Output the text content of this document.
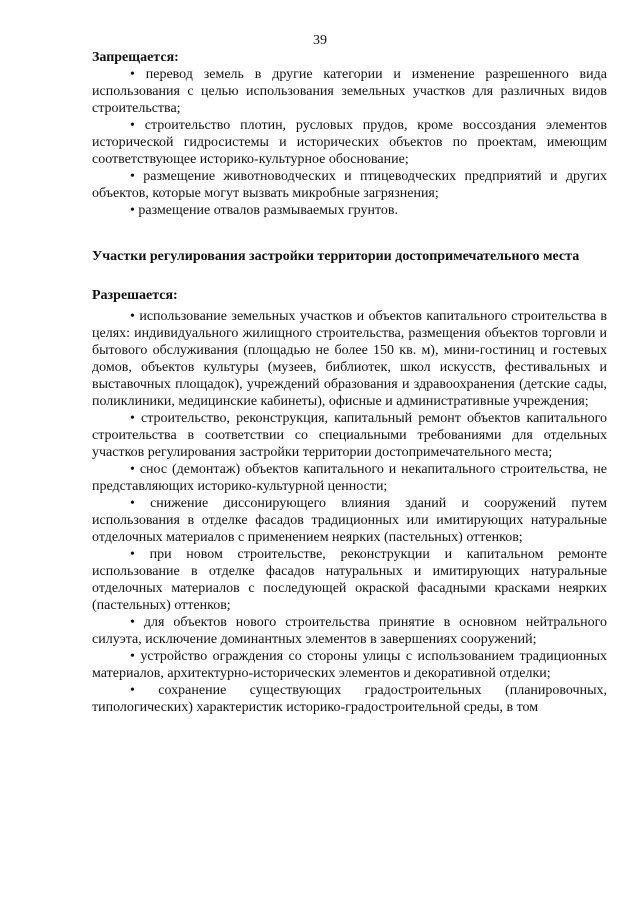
39
Запрещается:

• перевод земель в другие категории и изменение разрешенного вида использования с целью использования земельных участков для различных видов строительства;

• строительство плотин, русловых прудов, кроме воссоздания элементов исторической гидросистемы и исторических объектов по проектам, имеющим соответствующее историко-культурное обоснование;

• размещение животноводческих и птицеводческих предприятий и других объектов, которые могут вызвать микробные загрязнения;

• размещение отвалов размываемых грунтов.

Участки регулирования застройки территории достопримечательного места
Разрешается:

• использование земельных участков и объектов капитального строительства в целях: индивидуального жилищного строительства, размещения объектов торговли и бытового обслуживания (площадью не более 150 кв. м), мини-гостиниц и гостевых домов, объектов культуры (музеев, библиотек, школ искусств, фестивальных и выставочных площадок), учреждений образования и здравоохранения (детские сады, поликлиники, медицинские кабинеты), офисные и административные учреждения;

• строительство, реконструкция, капитальный ремонт объектов капитального строительства в соответствии со специальными требованиями для отдельных участков регулирования застройки территории достопримечательного места;

• снос (демонтаж) объектов капитального и некапитального строительства, не представляющих историко-культурной ценности;

• снижение диссонирующего влияния зданий и сооружений путем использования в отделке фасадов традиционных или имитирующих натуральные отделочных материалов с применением неярких (пастельных) оттенков;

• при новом строительстве, реконструкции и капитальном ремонте использование в отделке фасадов натуральных и имитирующих натуральные отделочных материалов с последующей окраской фасадными красками неярких (пастельных) оттенков;

• для объектов нового строительства принятие в основном нейтрального силуэта, исключение доминантных элементов в завершениях сооружений;

• устройство ограждения со стороны улицы с использованием традиционных материалов, архитектурно-исторических элементов и декоративной отделки;

• сохранение существующих градостроительных (планировочных, типологических) характеристик историко-градостроительной среды, в том
